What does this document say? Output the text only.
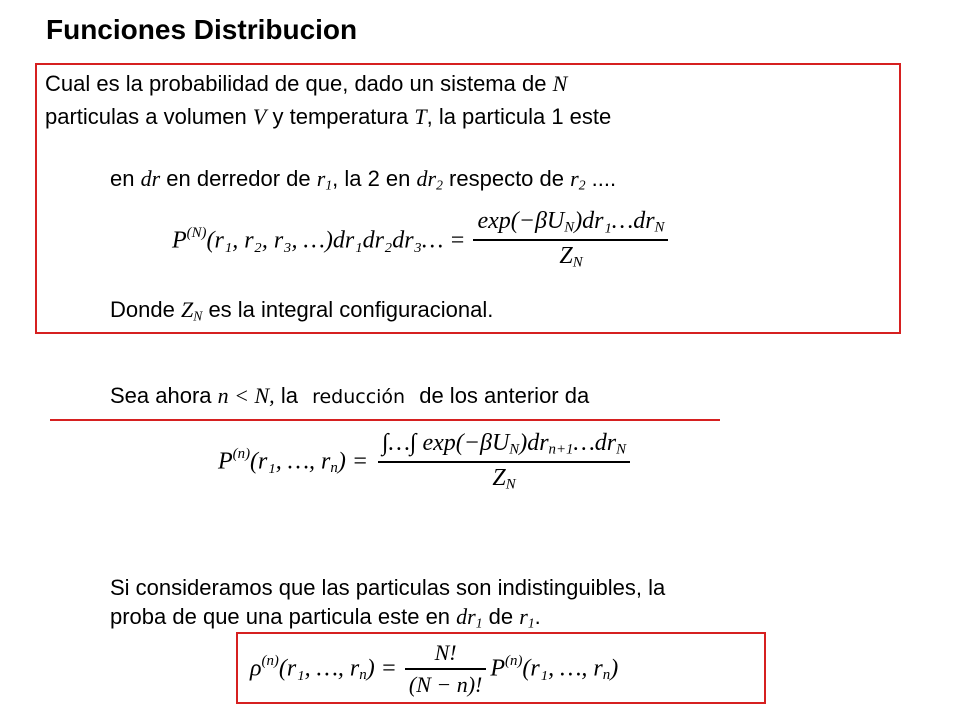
Funciones Distribucion
Cual es la probabilidad de que, dado un sistema de N
particulas a volumen V y temperatura T, la particula 1 este
en dr en derredor de $r_1$, la 2 en $dr_2$ respecto de $r_2$ ....
$P^{(N)}(r_1$, r₂, r₃, …)dr₁dr₂dr₃… = $\frac{\exp(-\beta U_N)dr_1\dots dr_N}{Z_N}$
Donde $Z_N$ es la integral configuracional.
Sea ahora n < N, la reducción de los anterior da
$P^{(n)}(r_1$, …, $r_n) = \frac{\int\dots\int \exp(-\beta U_N)dr_{n+1}\dots dr_N}{Z_N}$
Si consideramos que las particulas son indistinguibles, la
proba de que una particula este en $dr_1$ de $r_1$.
$\rho^{(n)}(r_1$, …, $r_n) = \frac{N!}{(N - n)!} P^{(n)}(r_1$, …, $r_n$)
